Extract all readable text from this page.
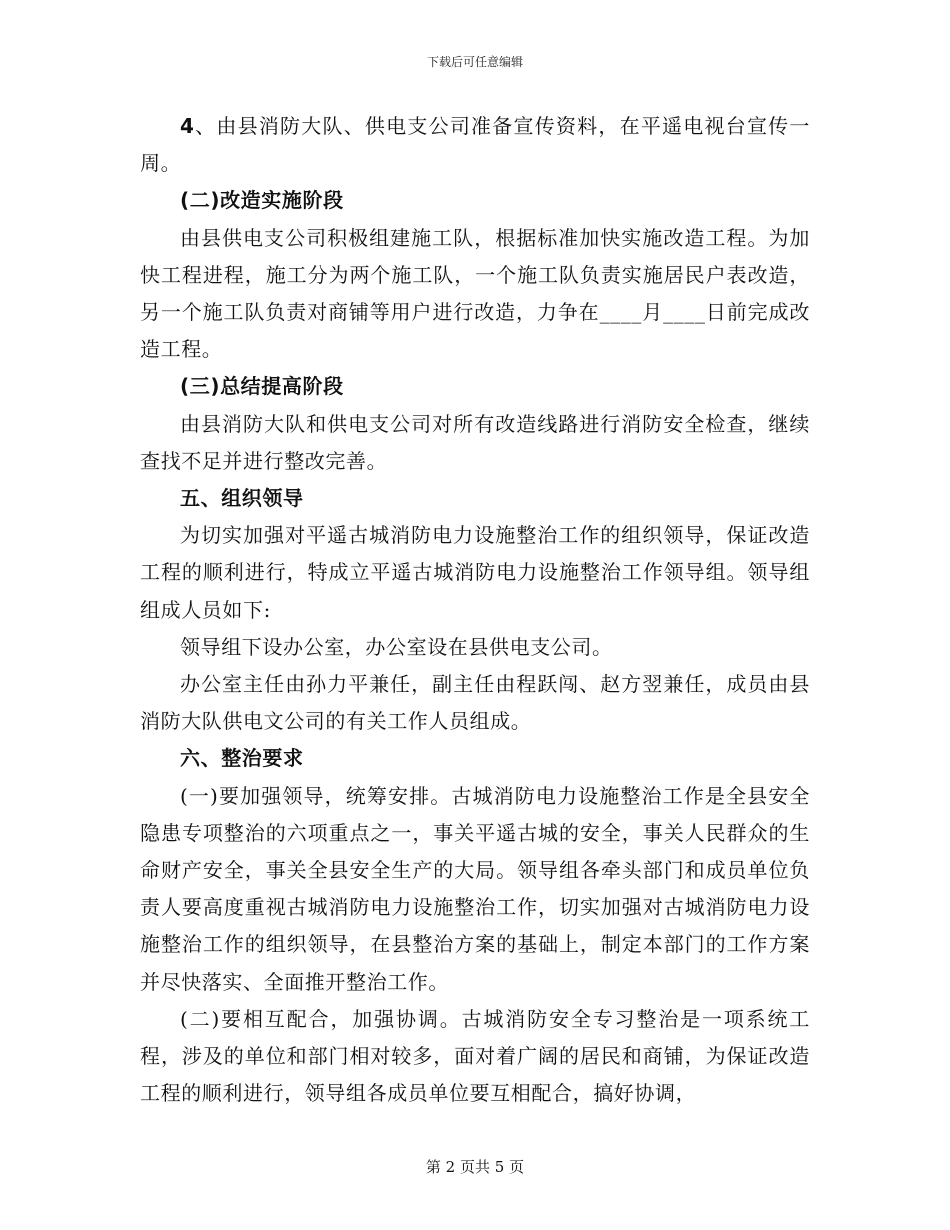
下载后可任意编辑

4、由县消防大队、供电支公司准备宣传资料，在平遥电视台宣传一周。

(二)改造实施阶段

由县供电支公司积极组建施工队，根据标准加快实施改造工程。为加快工程进程，施工分为两个施工队，一个施工队负责实施居民户表改造，另一个施工队负责对商铺等用户进行改造，力争在____月____日前完成改造工程。

(三)总结提高阶段

由县消防大队和供电支公司对所有改造线路进行消防安全检查，继续查找不足并进行整改完善。

五、组织领导

为切实加强对平遥古城消防电力设施整治工作的组织领导，保证改造工程的顺利进行，特成立平遥古城消防电力设施整治工作领导组。领导组组成人员如下:

领导组下设办公室，办公室设在县供电支公司。

办公室主任由孙力平兼任，副主任由程跃闯、赵方翌兼任，成员由县消防大队供电文公司的有关工作人员组成。

六、整治要求

(一)要加强领导，统筹安排。古城消防电力设施整治工作是全县安全隐患专项整治的六项重点之一，事关平遥古城的安全，事关人民群众的生命财产安全，事关全县安全生产的大局。领导组各牵头部门和成员单位负责人要高度重视古城消防电力设施整治工作，切实加强对古城消防电力设施整治工作的组织领导，在县整治方案的基础上，制定本部门的工作方案并尽快落实、全面推开整治工作。

(二)要相互配合，加强协调。古城消防安全专习整治是一项系统工程，涉及的单位和部门相对较多，面对着广阔的居民和商铺，为保证改造工程的顺利进行，领导组各成员单位要互相配合，搞好协调，

第 2 页共 5 页
